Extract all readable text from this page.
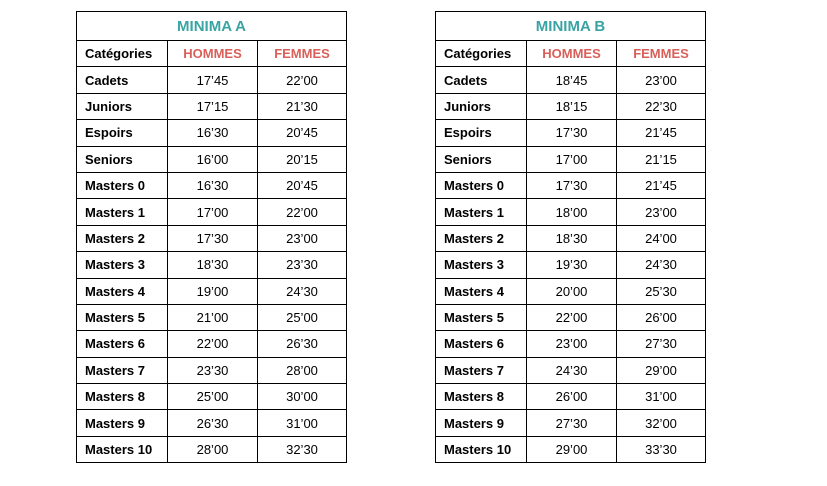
MINIMA A		
Catégories	HOMMES	FEMMES
Cadets	17’45	22’00
Juniors	17’15	21’30
Espoirs	16’30	20’45
Seniors	16’00	20’15
Masters 0	16’30	20’45
Masters 1	17’00	22’00
Masters 2	17’30	23’00
Masters 3	18’30	23’30
Masters 4	19’00	24’30
Masters 5	21’00	25’00
Masters 6	22’00	26’30
Masters 7	23’30	28’00
Masters 8	25’00	30’00
Masters 9	26’30	31’00
Masters 10	28’00	32’30
MINIMA B		
Catégories	HOMMES	FEMMES
Cadets	18’45	23’00
Juniors	18’15	22’30
Espoirs	17’30	21’45
Seniors	17’00	21’15
Masters 0	17’30	21’45
Masters 1	18’00	23’00
Masters 2	18’30	24’00
Masters 3	19’30	24’30
Masters 4	20’00	25’30
Masters 5	22’00	26’00
Masters 6	23’00	27’30
Masters 7	24’30	29’00
Masters 8	26’00	31’00
Masters 9	27’30	32’00
Masters 10	29’00	33’30
